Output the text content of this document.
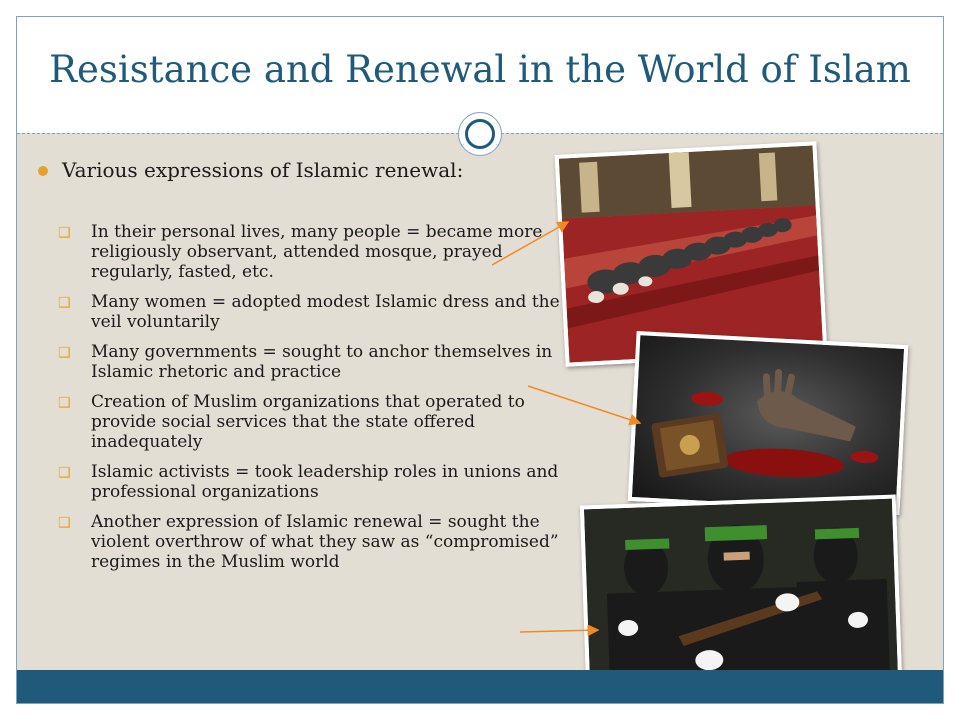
Resistance and Renewal in the World of Islam
Various expressions of Islamic renewal:
❑ In their personal lives, many people = became more religiously observant, attended mosque, prayed regularly, fasted, etc.
❑ Many women = adopted modest Islamic dress and the veil voluntarily
❑ Many governments = sought to anchor themselves in Islamic rhetoric and practice
❑ Creation of Muslim organizations that operated to provide social services that the state offered inadequately
❑ Islamic activists = took leadership roles in unions and professional organizations
❑ Another expression of Islamic renewal = sought the violent overthrow of what they saw as “compromised” regimes in the Muslim world
